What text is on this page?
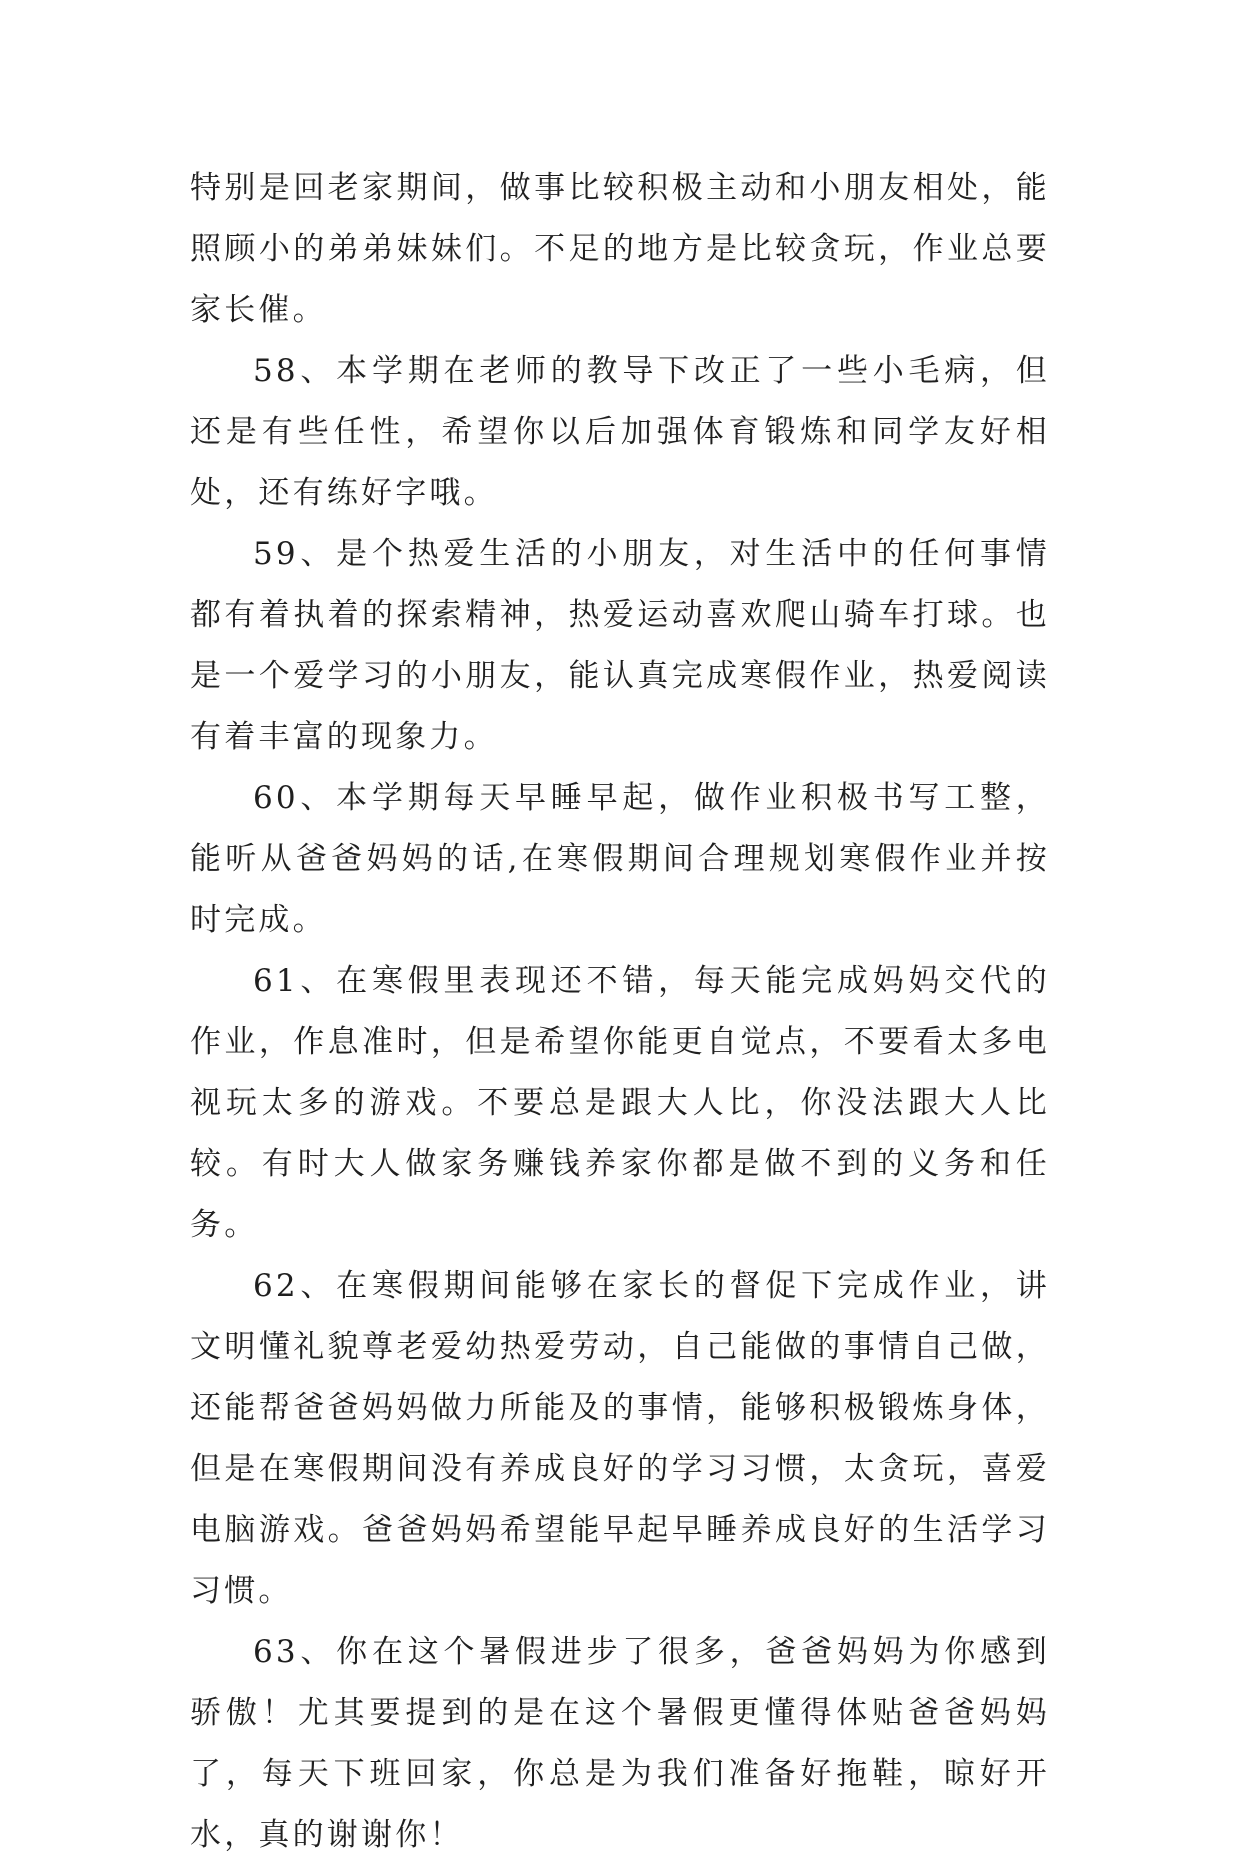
特别是回老家期间，做事比较积极主动和小朋友相处，能照顾小的弟弟妹妹们。不足的地方是比较贪玩，作业总要家长催。

58、本学期在老师的教导下改正了一些小毛病，但还是有些任性，希望你以后加强体育锻炼和同学友好相处，还有练好字哦。

59、是个热爱生活的小朋友，对生活中的任何事情都有着执着的探索精神，热爱运动喜欢爬山骑车打球。也是一个爱学习的小朋友，能认真完成寒假作业，热爱阅读有着丰富的现象力。

60、本学期每天早睡早起，做作业积极书写工整，能听从爸爸妈妈的话,在寒假期间合理规划寒假作业并按时完成。

61、在寒假里表现还不错，每天能完成妈妈交代的作业，作息准时，但是希望你能更自觉点，不要看太多电视玩太多的游戏。不要总是跟大人比，你没法跟大人比较。有时大人做家务赚钱养家你都是做不到的义务和任务。

62、在寒假期间能够在家长的督促下完成作业，讲文明懂礼貌尊老爱幼热爱劳动，自己能做的事情自己做，还能帮爸爸妈妈做力所能及的事情，能够积极锻炼身体，但是在寒假期间没有养成良好的学习习惯，太贪玩，喜爱电脑游戏。爸爸妈妈希望能早起早睡养成良好的生活学习习惯。

63、你在这个暑假进步了很多，爸爸妈妈为你感到骄傲！尤其要提到的是在这个暑假更懂得体贴爸爸妈妈了，每天下班回家，你总是为我们准备好拖鞋，晾好开水，真的谢谢你！
